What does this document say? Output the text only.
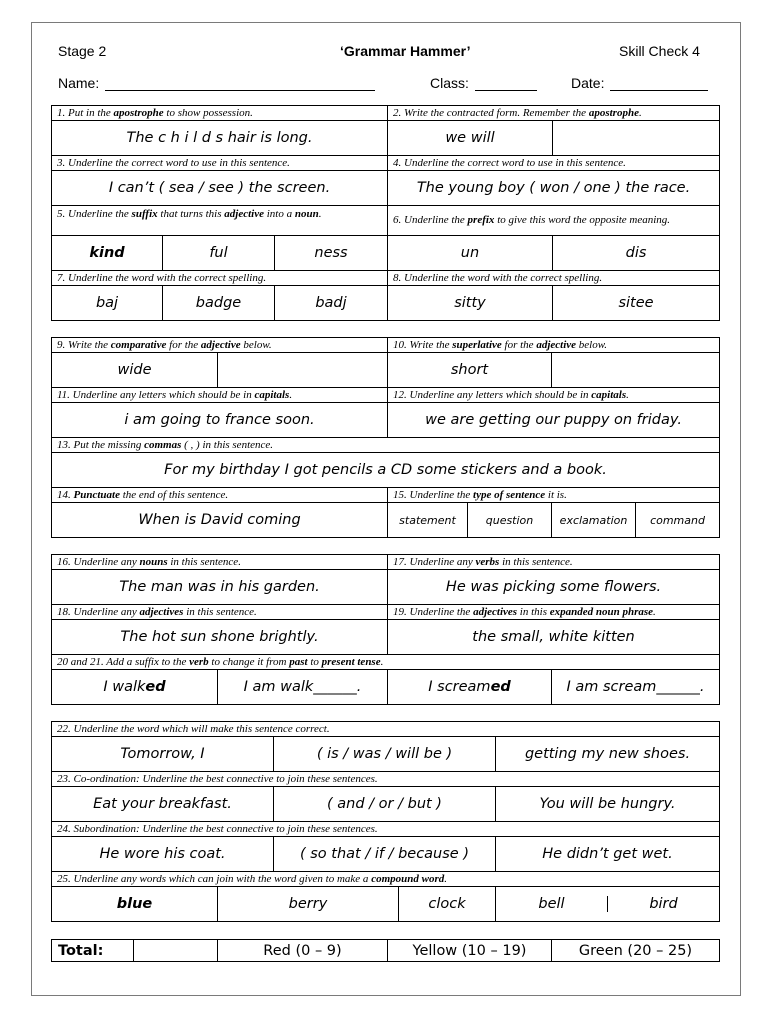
Stage 2	‘Grammar Hammer’	Skill Check 4
Name:	Class:	Date:
1. Put in the apostrophe to show possession.			2. Write the contracted form. Remember the apostrophe.		
The c h i l d s hair is long.			we will		
3. Underline the correct word to use in this sentence.			4. Underline the correct word to use in this sentence.		
I can’t ( sea / see ) the screen.			The young boy ( won / one ) the race.		
5. Underline the suffix that turns this adjective into a noun.			6. Underline the prefix to give this word the opposite meaning.		
kind	ful	ness	un	dis	
7. Underline the word with the correct spelling.			8. Underline the word with the correct spelling.		
baj	badge	badj	sitty	sitee	
9. Write the comparative for the adjective below.		10. Write the superlative for the adjective below.			
wide		short			
11. Underline any letters which should be in capitals.		12. Underline any letters which should be in capitals.			
i am going to france soon.		we are getting our puppy on friday.			
13. Put the missing commas ( , ) in this sentence.					
For my birthday I got pencils a CD some stickers and a book.					
14. Punctuate the end of this sentence.		15. Underline the type of sentence it is.			
When is David coming		statement	question	exclamation	command
16. Underline any nouns in this sentence.		17. Underline any verbs in this sentence.	
The man was in his garden.		He was picking some flowers.	
18. Underline any adjectives in this sentence.		19. Underline the adjectives in this expanded noun phrase.	
The hot sun shone brightly.		the small, white kitten	
20 and 21. Add a suffix to the verb to change it from past to present tense.			
I walked	I am walk______.	I screamed	I am scream______.
22. Underline the word which will make this sentence correct.				
Tomorrow, I		( is / was / will be )		getting my new shoes.
23. Co-ordination: Underline the best connective to join these sentences.				
Eat your breakfast.		( and / or / but )		You will be hungry.
24. Subordination: Underline the best connective to join these sentences.				
He wore his coat.		( so that / if / because )		He didn’t get wet.
25. Underline any words which can join with the word given to make a compound word.				
blue	berry		clock	bell bird
Total:		Red (0 – 9)	Yellow (10 – 19)	Green (20 – 25)
